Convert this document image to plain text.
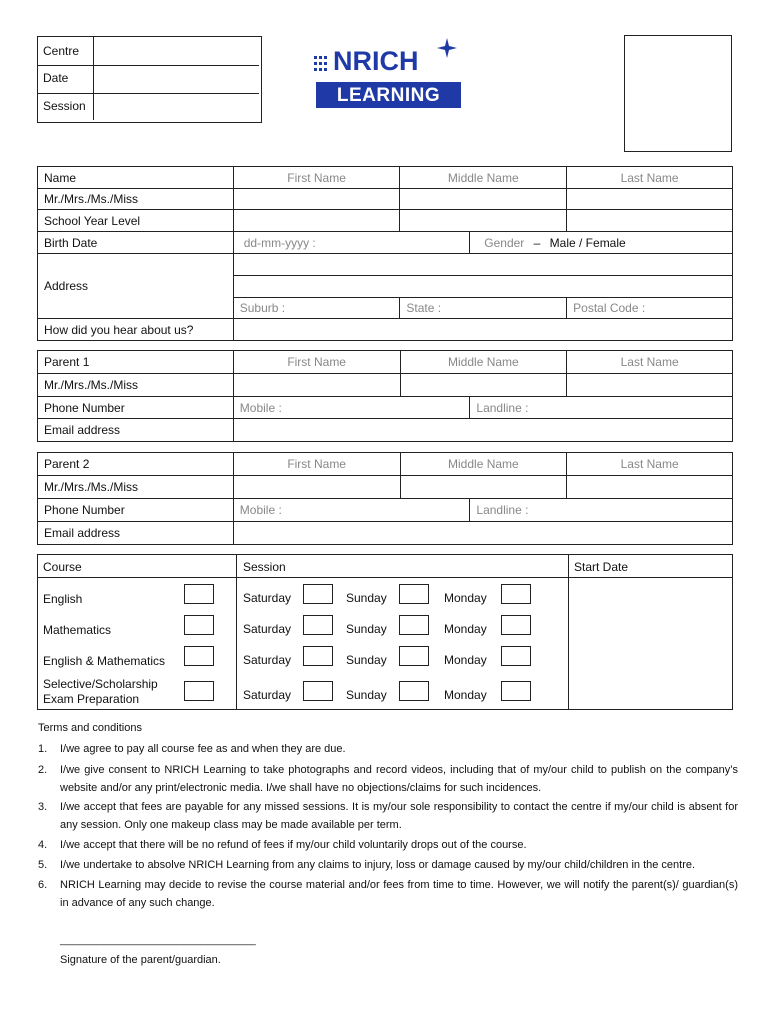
Centre
Date
Session
NRICH
LEARNING
Name	First Name	Middle Name		Last Name
Mr./Mrs./Ms./Miss				
School Year Level				
Birth Date	dd-mm-yyyy :		Gender – Male / Female	
Address				

	Suburb :	State :		Postal Code :
How did you hear about us?				
Parent 1	First Name	Middle Name		Last Name
Mr./Mrs./Ms./Miss				
Phone Number	Mobile :		Landline :	
Email address				
Parent 2	First Name	Middle Name		Last Name
Mr./Mrs./Ms./Miss				
Phone Number	Mobile :		Landline :	
Email address				
Course	Session	Start Date
English	Saturday	Sunday	Monday
Mathematics	Saturday	Sunday	Monday
English & Mathematics	Saturday	Sunday	Monday
Selective/Scholarship
Exam Preparation	Saturday	Sunday	Monday
Terms and conditions
1. I/we agree to pay all course fee as and when they are due.
2. I/we give consent to NRICH Learning to take photographs and record videos, including that of my/our child to publish on the company’s website and/or any print/electronic media. I/we shall have no objections/claims for such incidences.
3. I/we accept that fees are payable for any missed sessions. It is my/our sole responsibility to contact the centre if my/our child is absent for any session. Only one makeup class may be made available per term.
4. I/we accept that there will be no refund of fees if my/our child voluntarily drops out of the course.
5. I/we undertake to absolve NRICH Learning from any claims to injury, loss or damage caused by my/our child/children in the centre.
6. NRICH Learning may decide to revise the course material and/or fees from time to time. However, we will notify the parent(s)/ guardian(s) in advance of any such change.
________________________________
Signature of the parent/guardian.
